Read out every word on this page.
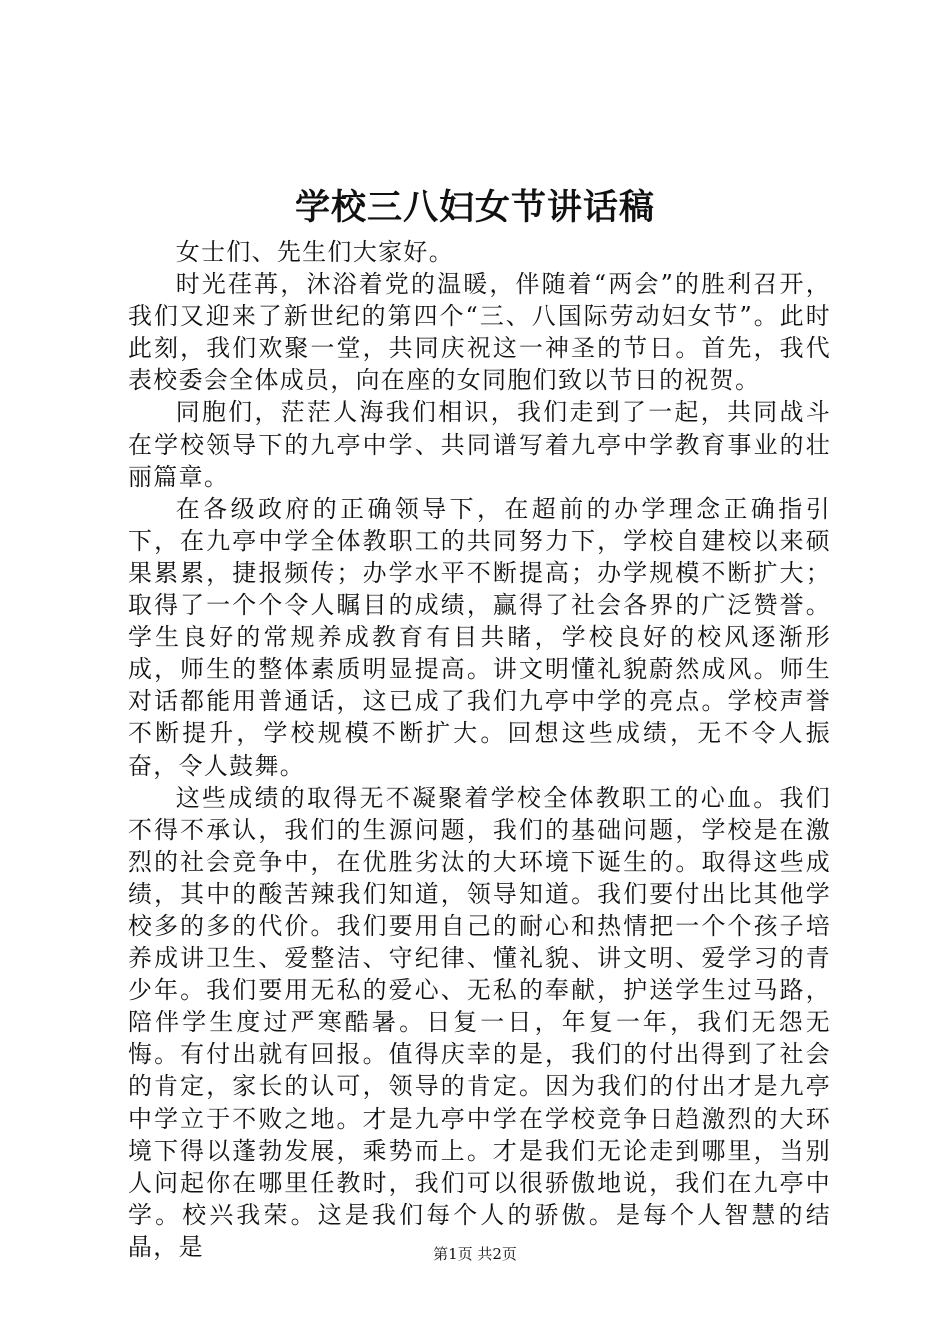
学校三八妇女节讲话稿

女士们、先生们大家好。

时光荏苒，沐浴着党的温暖，伴随着“两会”的胜利召开，我们又迎来了新世纪的第四个“三、八国际劳动妇女节”。此时此刻，我们欢聚一堂，共同庆祝这一神圣的节日。首先，我代表校委会全体成员，向在座的女同胞们致以节日的祝贺。

同胞们，茫茫人海我们相识，我们走到了一起，共同战斗在学校领导下的九亭中学、共同谱写着九亭中学教育事业的壮丽篇章。

在各级政府的正确领导下，在超前的办学理念正确指引下，在九亭中学全体教职工的共同努力下，学校自建校以来硕果累累，捷报频传；办学水平不断提高；办学规模不断扩大；取得了一个个令人瞩目的成绩，赢得了社会各界的广泛赞誉。学生良好的常规养成教育有目共睹，学校良好的校风逐渐形成，师生的整体素质明显提高。讲文明懂礼貌蔚然成风。师生对话都能用普通话，这已成了我们九亭中学的亮点。学校声誉不断提升，学校规模不断扩大。回想这些成绩，无不令人振奋，令人鼓舞。

这些成绩的取得无不凝聚着学校全体教职工的心血。我们不得不承认，我们的生源问题，我们的基础问题，学校是在激烈的社会竞争中，在优胜劣汰的大环境下诞生的。取得这些成绩，其中的酸苦辣我们知道，领导知道。我们要付出比其他学校多的多的代价。我们要用自己的耐心和热情把一个个孩子培养成讲卫生、爱整洁、守纪律、懂礼貌、讲文明、爱学习的青少年。我们要用无私的爱心、无私的奉献，护送学生过马路，陪伴学生度过严寒酷暑。日复一日，年复一年，我们无怨无悔。有付出就有回报。值得庆幸的是，我们的付出得到了社会的肯定，家长的认可，领导的肯定。因为我们的付出才是九亭中学立于不败之地。才是九亭中学在学校竞争日趋激烈的大环境下得以蓬勃发展，乘势而上。才是我们无论走到哪里，当别人问起你在哪里任教时，我们可以很骄傲地说，我们在九亭中学。校兴我荣。这是我们每个人的骄傲。是每个人智慧的结晶，是	第1页 共2页
